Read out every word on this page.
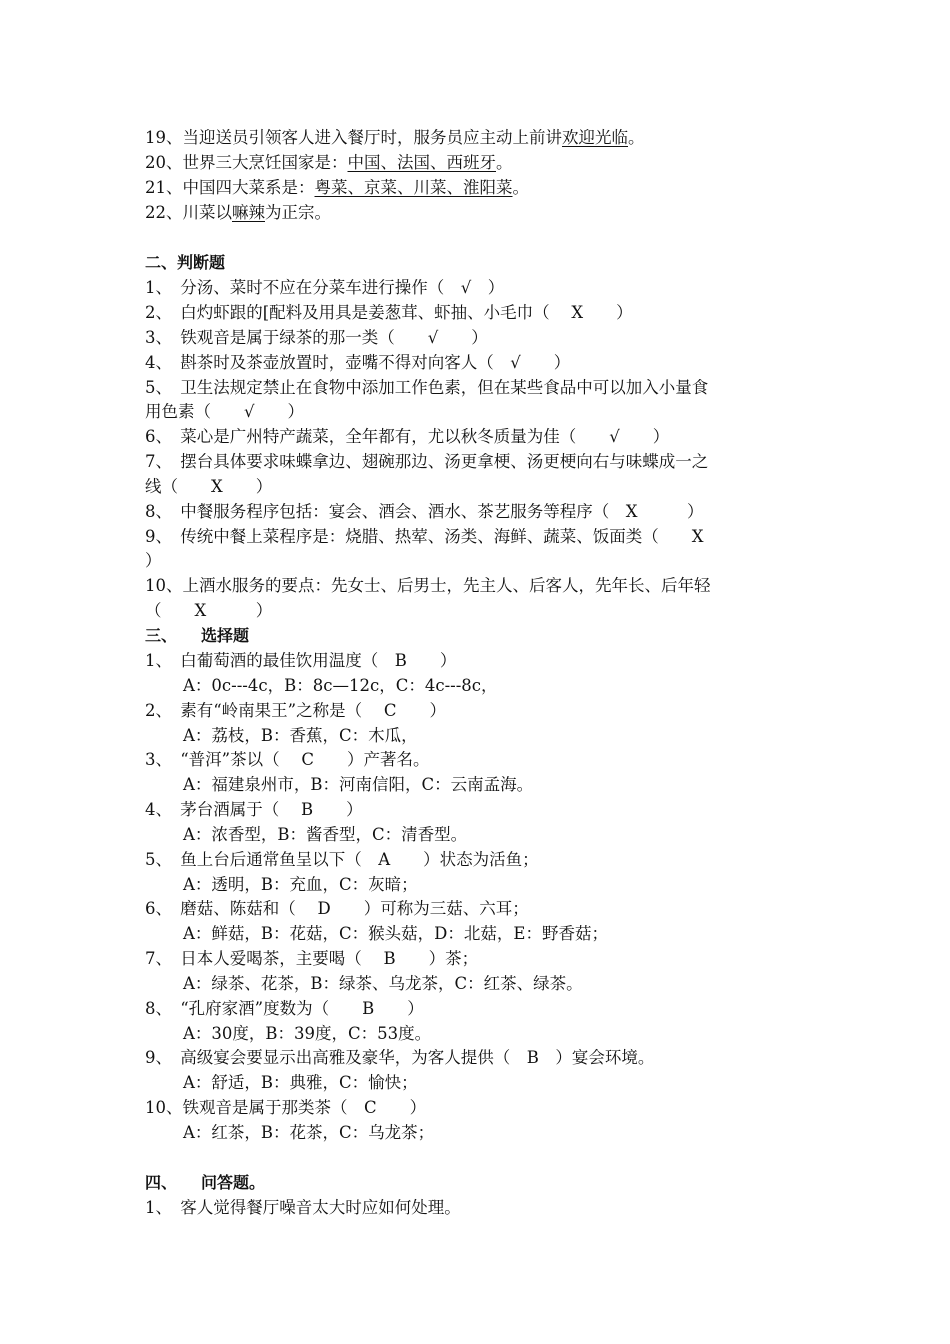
19、当迎送员引领客人进入餐厅时，服务员应主动上前讲欢迎光临。
20、世界三大烹饪国家是：中国、法国、西班牙。
21、中国四大菜系是：粤菜、京菜、川菜、淮阳菜。
22、川菜以嘛辣为正宗。
二、判断题
1、　分汤、菜时不应在分菜车进行操作（　√　）
2、　白灼虾跟的[配料及用具是姜葱茸、虾抽、小毛巾（　 X　　）
3、　铁观音是属于绿茶的那一类（　　√　　）
4、　斟茶时及茶壶放置时，壶嘴不得对向客人（　√　　）
5、　卫生法规定禁止在食物中添加工作色素，但在某些食品中可以加入小量食
用色素（　　√　　）
6、　菜心是广州特产蔬菜，全年都有，尤以秋冬质量为佳（　　√　　）
7、　摆台具体要求味蝶拿边、翅碗那边、汤更拿梗、汤更梗向右与味蝶成一之
线（　　X　　）
8、　中餐服务程序包括：宴会、酒会、酒水、茶艺服务等程序（　X　　　）
9、　传统中餐上菜程序是：烧腊、热荤、汤类、海鲜、蔬菜、饭面类（　　X
）
10、上酒水服务的要点：先女士、后男士，先主人、后客人，先年长、后年轻
（　　X　　　）
三、　　选择题
1、　白葡萄酒的最佳饮用温度（　B　　）
A：0c---4c，B：8c—12c，C：4c---8c，
2、　素有“岭南果王”之称是（　 C　　）
A：荔枝，B：香蕉，C：木瓜，
3、　“普洱”茶以（　 C　　）产著名。
A：福建泉州市，B：河南信阳，C：云南孟海。
4、　茅台酒属于（　 B　　）
A：浓香型，B：酱香型，C：清香型。
5、　鱼上台后通常鱼呈以下（　A　　）状态为活鱼；
A：透明，B：充血，C：灰暗；
6、　磨菇、陈菇和（　 D　　）可称为三菇、六耳；
A：鲜菇，B：花菇，C：猴头菇，D：北菇，E：野香菇；
7、　日本人爱喝茶，主要喝（　 B　　）茶；
A：绿茶、花茶，B：绿茶、乌龙茶，C：红茶、绿茶。
8、　“孔府家酒”度数为（　　B　　）
A：30度，B：39度，C：53度。
9、　高级宴会要显示出高雅及豪华，为客人提供（　B　）宴会环境。
A：舒适，B：典雅，C：愉快；
10、铁观音是属于那类茶（　C　　）
A：红茶，B：花茶，C：乌龙茶；
四、　　问答题。
1、　客人觉得餐厅噪音太大时应如何处理。
